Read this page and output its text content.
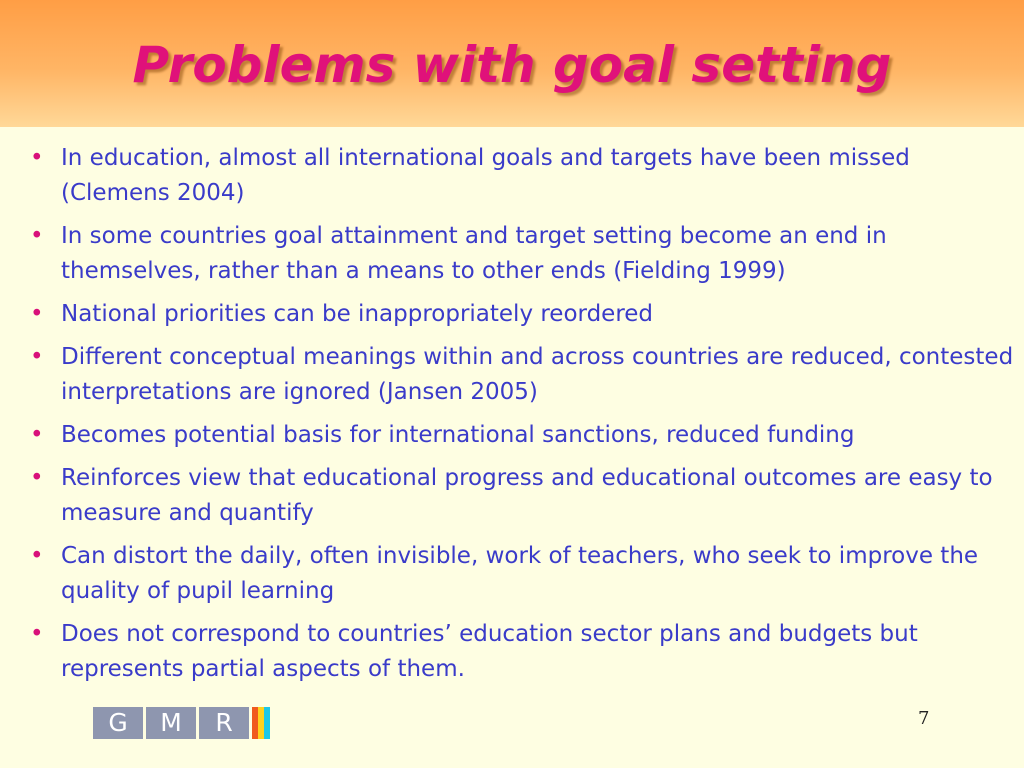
Problems with goal setting
• In education, almost all international goals and targets have been missed (Clemens 2004)
• In some countries goal attainment and target setting become an end in themselves, rather than a means to other ends (Fielding 1999)
• National priorities can be inappropriately reordered
• Different conceptual meanings within and across countries are reduced, contested interpretations are ignored (Jansen 2005)
• Becomes potential basis for international sanctions, reduced funding
• Reinforces view that educational progress and educational outcomes are easy to measure and quantify
• Can distort the daily, often invisible, work of teachers, who seek to improve the quality of pupil learning
• Does not correspond to countries’ education sector plans and budgets but represents partial aspects of them.
G	M	R	7
